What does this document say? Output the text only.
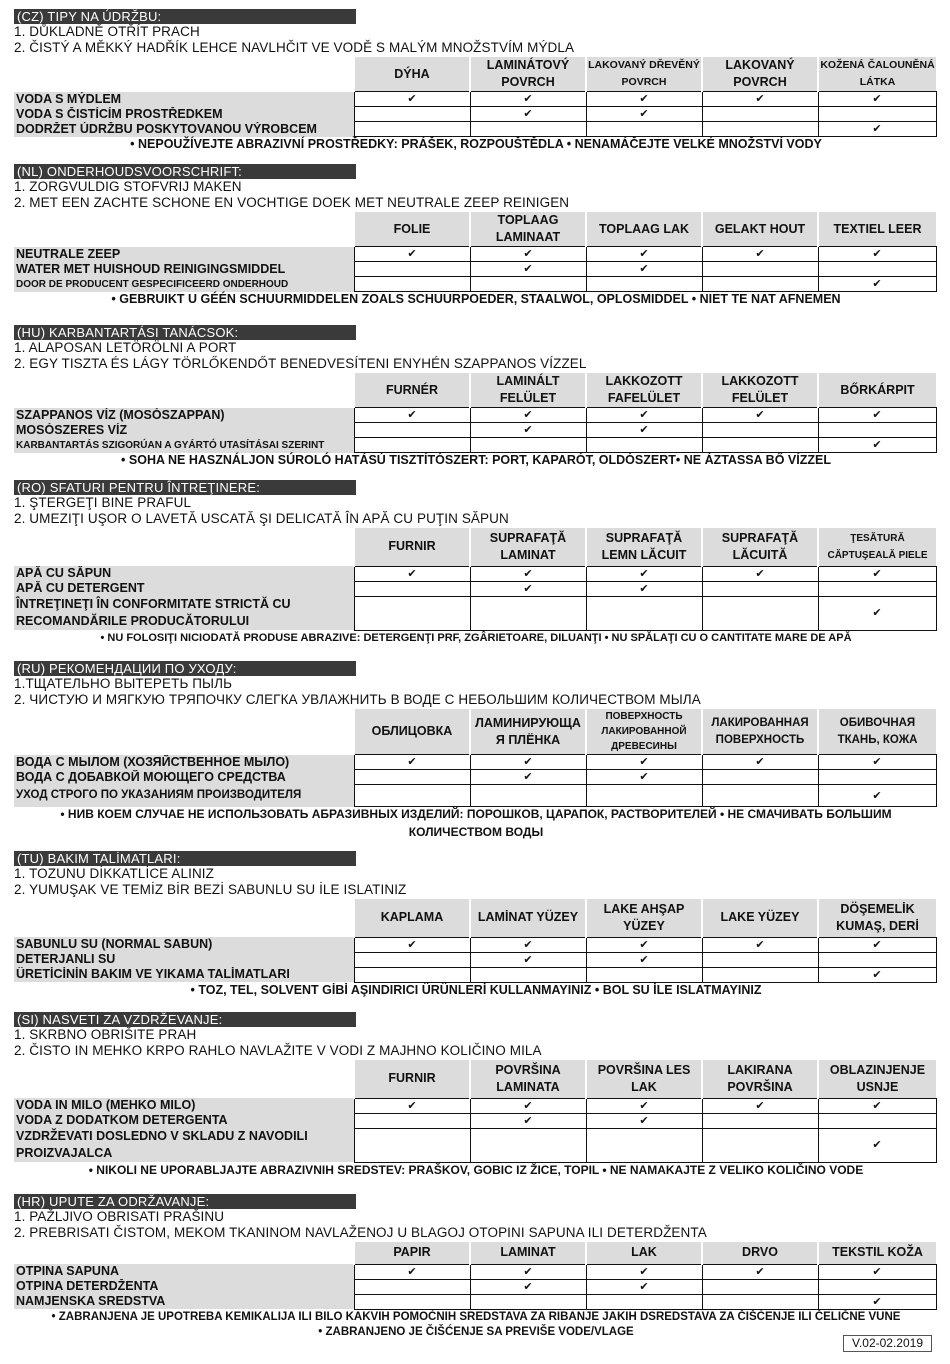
(CZ) TIPY NA ÚDRŽBU:
1. DŮKLADNĚ OTŘÍT PRACH
2. ČISTÝ A MĚKKÝ HADŘÍK LEHCE NAVLHČIT VE VODĚ S MALÝM MNOŽSTVÍM MÝDLA
	DÝHA	LAMINÁTOVÝ POVRCH	LAKOVANÝ DŘEVĚNÝ POVRCH	LAKOVANÝ POVRCH	KOŽENÁ ČALOUNĚNÁ LÁTKA
VODA S MÝDLEM	✔	✔	✔	✔	✔
VODA S ČISTÍCÍM PROSTŘEDKEM		✔	✔		
DODRŽET ÚDRŽBU POSKYTOVANOU VÝROBCEM					✔
• NEPOUŽÍVEJTE ABRAZIVNÍ PROSTŘEDKY: PRÁŠEK, ROZPOUŠTĚDLA • NENAMÁČEJTE VELKÉ MNOŽSTVÍ VODY
(NL) ONDERHOUDSVOORSCHRIFT:
1. ZORGVULDIG STOFVRIJ MAKEN
2. MET EEN ZACHTE SCHONE EN VOCHTIGE DOEK MET NEUTRALE ZEEP REINIGEN
	FOLIE	TOPLAAG LAMINAAT	TOPLAAG LAK	GELAKT HOUT	TEXTIEL LEER
NEUTRALE ZEEP	✔	✔	✔	✔	✔
WATER MET HUISHOUD REINIGINGSMIDDEL		✔	✔		
DOOR DE PRODUCENT GESPECIFICEERD ONDERHOUD					✔
• GEBRUIKT U GÉÉN SCHUURMIDDELEN ZOALS SCHUURPOEDER, STAALWOL, OPLOSMIDDEL • NIET TE NAT AFNEMEN
(HU) KARBANTARTÁSI TANÁCSOK:
1. ALAPOSAN LETÖRÖLNI A PORT
2. EGY TISZTA ÉS LÁGY TÖRLŐKENDŐT BENEDVESÍTENI ENYHÉN SZAPPANOS VÍZZEL
	FURNÉR	LAMINÁLT FELÜLET	LAKKOZOTT FAFELÜLET	LAKKOZOTT FELÜLET	BŐRKÁRPIT
SZAPPANOS VÍZ (MOSÓSZAPPAN)	✔	✔	✔	✔	✔
MOSÓSZERES VÍZ		✔	✔		
KARBANTARTÁS SZIGORÚAN A GYÁRTÓ UTASÍTÁSAI SZERINT					✔
• SOHA NE HASZNÁLJON SÚROLÓ HATÁSÚ TISZTÍTÓSZERT: PORT, KAPARÓT, OLDÓSZERT• NE ÁZTASSA BŐ VÍZZEL
(RO) SFATURI PENTRU ÎNTREŢINERE:
1. ŞTERGEŢI BINE PRAFUL
2. UMEZIŢI UŞOR O LAVETĂ USCATĂ ŞI DELICATĂ ÎN APĂ CU PUŢIN SĂPUN
	FURNIR	SUPRAFAŢĂ LAMINAT	SUPRAFAŢĂ LEMN LĂCUIT	SUPRAFAŢĂ LĂCUITĂ	ŢESĂTURĂ CĂPTUŞEALĂ PIELE
APĂ CU SĂPUN	✔	✔	✔	✔	✔
APĂ CU DETERGENT		✔	✔		
ÎNTREŢINEŢI ÎN CONFORMITATE STRICTĂ CU RECOMANDĂRILE PRODUCĂTORULUI					✔
• NU FOLOSIŢI NICIODATĂ PRODUSE ABRAZIVE: DETERGENŢI PRF, ZGÂRIETOARE, DILUANŢI • NU SPĂLAŢI CU O CANTITATE MARE DE APĂ
(RU) РЕКОМЕНДАЦИИ ПО УХОДУ:
1.ТЩАТЕЛЬНО ВЫТЕРЕТЬ ПЫЛЬ
2. ЧИСТУЮ И МЯГКУЮ ТРЯПОЧКУ СЛЕГКА УВЛАЖНИТЬ В ВОДЕ С НЕБОЛЬШИМ КОЛИЧЕСТВОМ МЫЛА
	ОБЛИЦОВКА	ЛАМИНИРУЮЩА Я ПЛЁНКА	ПОВЕРХНОСТЬ ЛАКИРОВАННОЙ ДРЕВЕСИНЫ	ЛАКИРОВАННАЯ ПОВЕРХНОСТЬ	ОБИВОЧНАЯ ТКАНЬ, КОЖА
ВОДА С МЫЛОМ (ХОЗЯЙСТВЕННОЕ МЫЛО)	✔	✔	✔	✔	✔
ВОДА С ДОБАВКОЙ МОЮЩЕГО СРЕДСТВА		✔	✔		
УХОД СТРОГО ПО УКАЗАНИЯМ ПРОИЗВОДИТЕЛЯ					✔
• НИВ КОЕМ СЛУЧАЕ НЕ ИСПОЛЬЗОВАТЬ АБРАЗИВНЫХ ИЗДЕЛИЙ: ПОРОШКОВ, ЦАРАПОК, РАСТВОРИТЕЛЕЙ • НЕ СМАЧИВАТЬ БОЛЬШИМ
КОЛИЧЕСТВОМ ВОДЫ
(TU) BAKIM TALİMATLARI:
1. TOZUNU DİKKATLİCE ALINIZ
2. YUMUŞAK VE TEMİZ BİR BEZİ SABUNLU SU İLE ISLATINIZ
	KAPLAMA	LAMİNAT YÜZEY	LAKE AHŞAP YÜZEY	LAKE YÜZEY	DÖŞEMELİK KUMAŞ, DERİ
SABUNLU SU (NORMAL SABUN)	✔	✔	✔	✔	✔
DETERJANLI SU		✔	✔		
ÜRETİCİNİN BAKIM VE YIKAMA TALİMATLARI					✔
• TOZ, TEL, SOLVENT GİBİ AŞINDIRICI ÜRÜNLERİ KULLANMAYINIZ • BOL SU İLE ISLATMAYINIZ
(SI) NASVETI ZA VZDRŽEVANJE:
1. SKRBNO OBRIŠITE PRAH
2. ČISTO IN MEHKO KRPO RAHLO NAVLAŽITE V VODI Z MAJHNO KOLIČINO MILA
	FURNIR	POVRŠINA LAMINATA	POVRŠINA LES LAK	LAKIRANA POVRŠINA	OBLAZINJENJE USNJE
VODA IN MILO (MEHKO MILO)	✔	✔	✔	✔	✔
VODA Z DODATKOM DETERGENTA		✔	✔		
VZDRŽEVATI DOSLEDNO V SKLADU Z NAVODILI PROIZVAJALCA					✔
• NIKOLI NE UPORABLJAJTE ABRAZIVNIH SREDSTEV: PRAŠKOV, GOBIC IZ ŽICE, TOPIL • NE NAMAKAJTE Z VELIKO KOLIČINO VODE
(HR) UPUTE ZA ODRŽAVANJE:
1. PAŽLJIVO OBRISATI PRAŠINU
2. PREBRISATI ČISTOM, MEKOM TKANINOM NAVLAŽENOJ U BLAGOJ OTOPINI SAPUNA ILI DETERDŽENTA
	PAPIR	LAMINAT	LAK	DRVO	TEKSTIL KOŽA
OTPINA SAPUNA	✔	✔	✔	✔	✔
OTPINA DETERDŽENTA		✔	✔		
NAMJENSKA SREDSTVA					✔
• ZABRANJENA JE UPOTREBA KEMIKALIJA ILI BILO KAKVIH POMOĆNIH SREDSTAVA ZA RIBANJE JAKIH DSREDSTAVA ZA ČIŠĆENJE ILI ČELIČNE VUNE
• ZABRANJENO JE ČIŠĆENJE SA PREVIŠE VODE/VLAGE
V.02-02.2019
